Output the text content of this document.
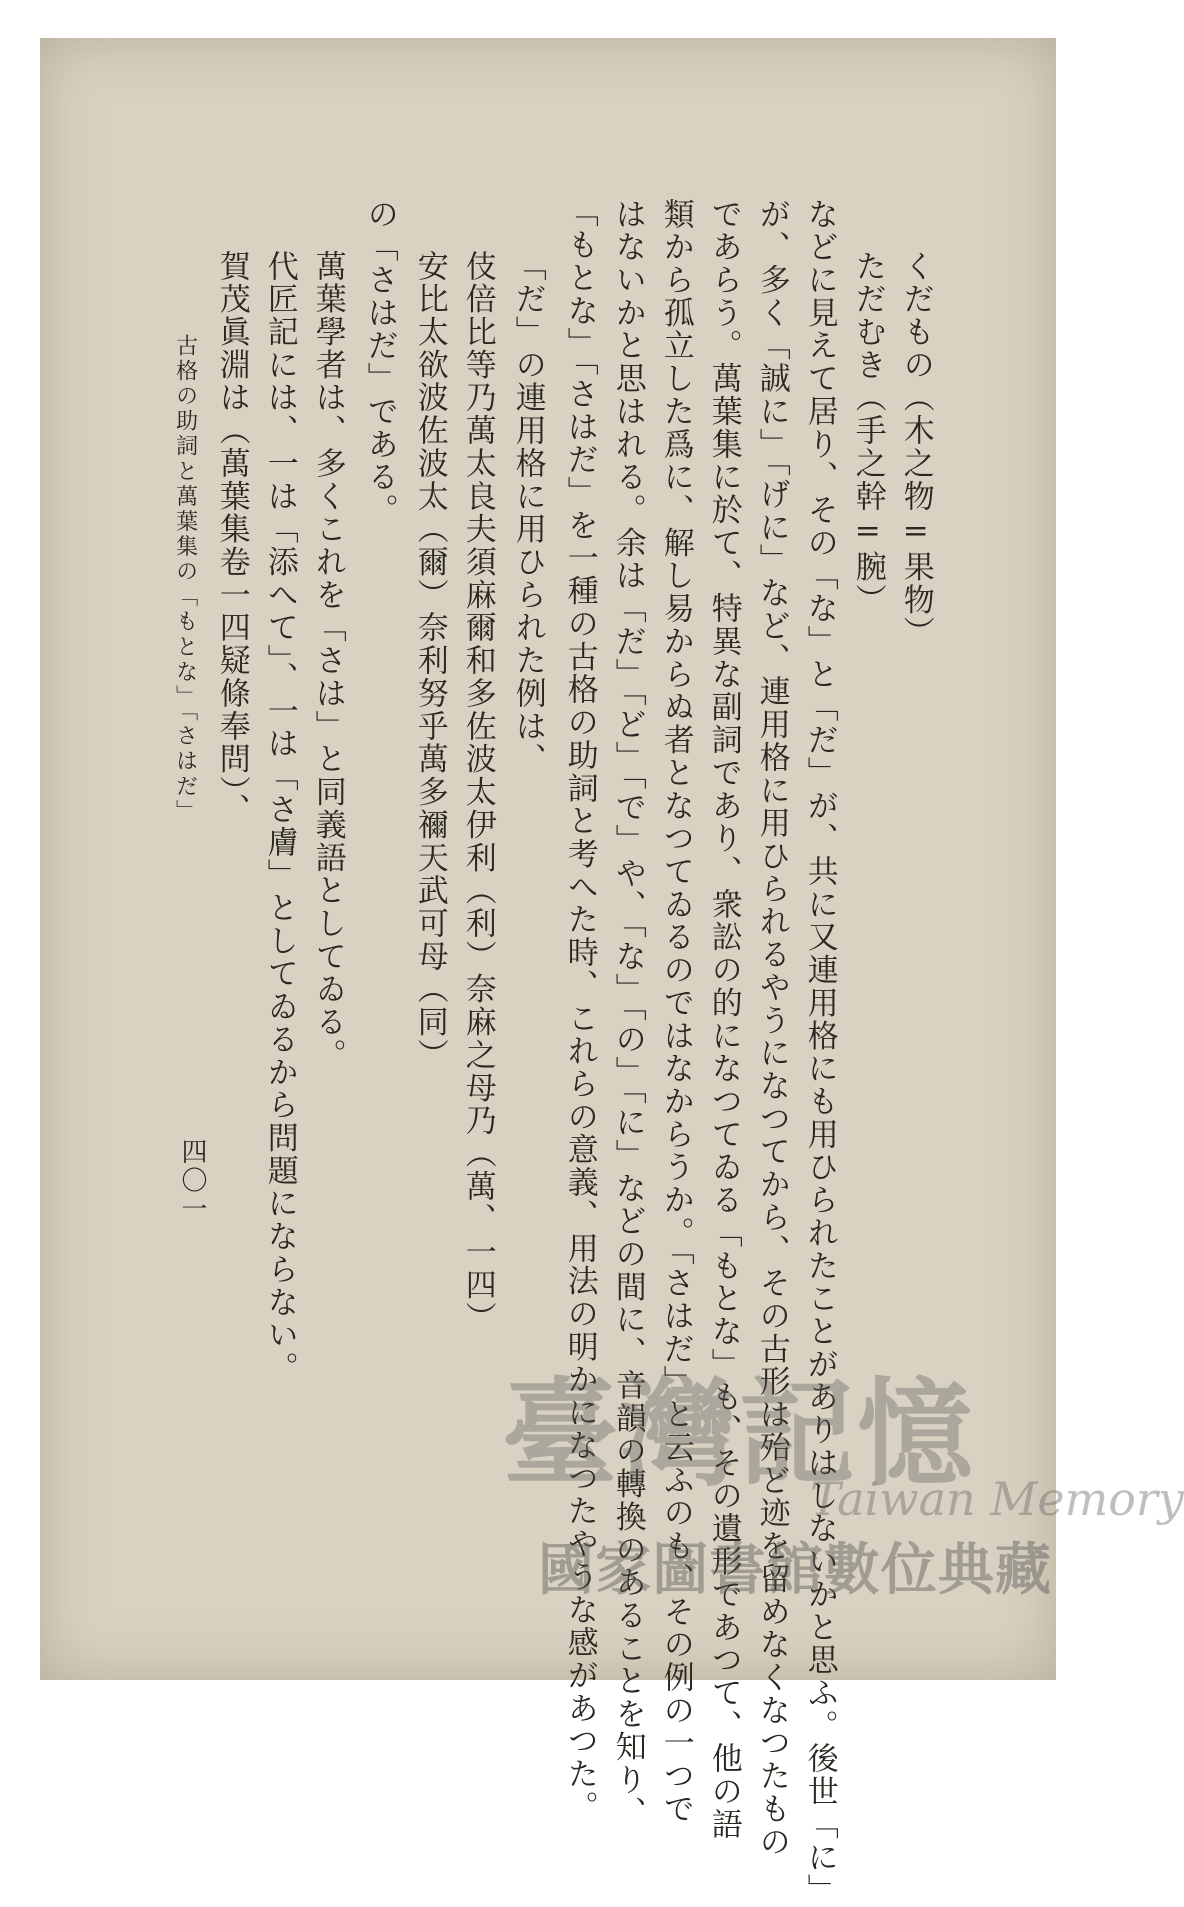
くだもの（木之物=果物）
ただむき（手之幹=腕）
などに見えて居り、その「な」と「だ」が、共に又連用格にも用ひられたことがありはしないかと思ふ。後世「に」
が、多く「誠に」「げに」など、連用格に用ひられるやうになつてから、その古形は殆ど迹を留めなくなつたもの
であらう。萬葉集に於て、特異な副詞であり、衆訟の的になつてゐる「もとな」も、その遺形であつて、他の語
類から孤立した爲に、解し易からぬ者となつてゐるのではなからうか。「さはだ」と云ふのも、その例の一つで
はないかと思はれる。余は「だ」「ど」「で」や、「な」「の」「に」などの間に、音韻の轉換のあることを知り、
「もとな」「さはだ」を一種の古格の助詞と考へた時、これらの意義、用法の明かになつたやうな感があつた。
「だ」の連用格に用ひられた例は、
伎倍比等乃萬太良夫須麻爾和多佐波太伊利（利）奈麻之母乃（萬、一四）
安比太欲波佐波太（爾）奈利努乎萬多禰天武可母（同）
の「さはだ」である。
萬葉學者は、多くこれを「さは」と同義語としてゐる。
代匠記には、一は「添へて」、一は「さ膚」としてゐるから問題にならない。
賀茂眞淵は（萬葉集卷一四疑條奉問）、
古格の助詞と萬葉集の「もとな」「さはだ」
四〇一
臺灣記憶
Taiwan Memory
國家圖書館數位典藏
